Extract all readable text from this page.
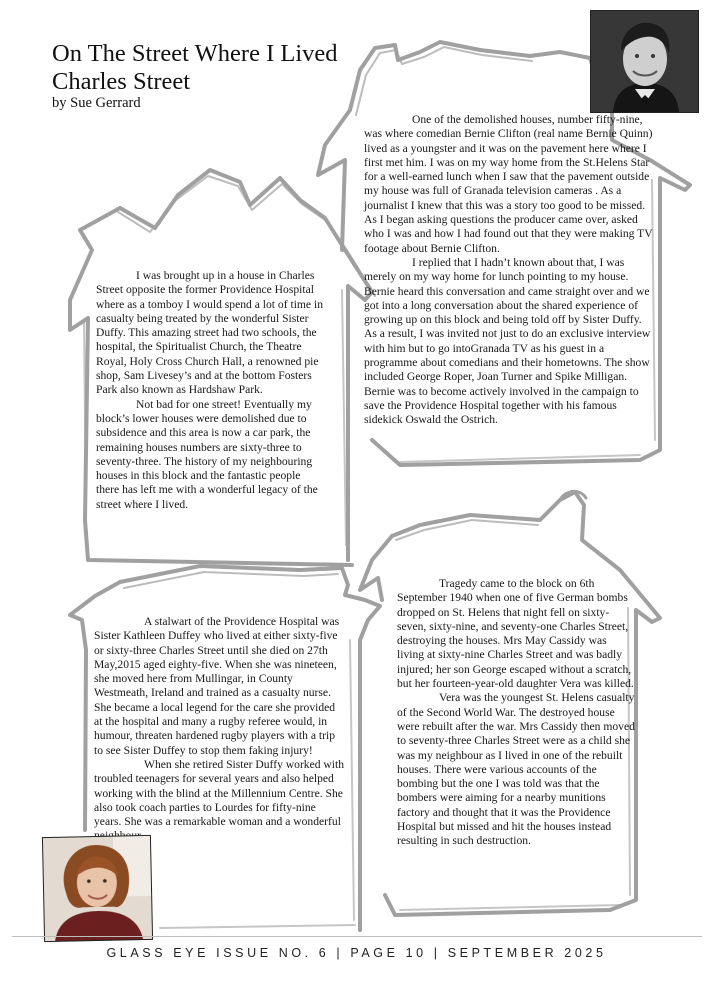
On The Street Where I Lived
Charles Street
by Sue Gerrard

I was brought up in a house in Charles Street opposite the former Providence Hospital where as a tomboy I would spend a lot of time in casualty being treated by the wonderful Sister Duffy. This amazing street had two schools, the hospital, the Spiritualist Church, the Theatre Royal, Holy Cross Church Hall, a renowned pie shop, Sam Livesey’s and at the bottom Fosters Park also known as Hardshaw Park.

Not bad for one street! Eventually my block’s lower houses were demolished due to subsidence and this area is now a car park, the remaining houses numbers are sixty-three to seventy-three. The history of my neighbouring houses in this block and the fantastic people there has left me with a wonderful legacy of the street where I lived.

One of the demolished houses, number fifty-nine, was where comedian Bernie Clifton (real name Bernie Quinn) lived as a youngster and it was on the pavement here where I first met him. I was on my way home from the St.Helens Star for a well-earned lunch when I saw that the pavement outside my house was full of Granada television cameras . As a journalist I knew that this was a story too good to be missed. As I began asking questions the producer came over, asked who I was and how I had found out that they were making TV footage about Bernie Clifton.

I replied that I hadn’t known about that, I was merely on my way home for lunch pointing to my house. Bernie heard this conversation and came straight over and we got into a long conversation about the shared experience of growing up on this block and being told off by Sister Duffy. As a result, I was invited not just to do an exclusive interview with him but to go intoGranada TV as his guest in a programme about comedians and their hometowns. The show included George Roper, Joan Turner and Spike Milligan. Bernie was to become actively involved in the campaign to save the Providence Hospital together with his famous sidekick Oswald the Ostrich.

A stalwart of the Providence Hospital was Sister Kathleen Duffey who lived at either sixty-five or sixty-three Charles Street until she died on 27th May,2015 aged eighty-five. When she was nineteen, she moved here from Mullingar, in County Westmeath, Ireland and trained as a casualty nurse. She became a local legend for the care she provided at the hospital and many a rugby referee would, in humour, threaten hardened rugby players with a trip to see Sister Duffey to stop them faking injury!

When she retired Sister Duffy worked with troubled teenagers for several years and also helped working with the blind at the Millennium Centre. She also took coach parties to Lourdes for fifty-nine years. She was a remarkable woman and a wonderful

Tragedy came to the block on 6th September 1940 when one of five German bombs dropped on St. Helens that night fell on sixty-seven, sixty-nine, and seventy-one Charles Street, destroying the houses. Mrs May Cassidy was living at sixty-nine Charles Street and was badly injured; her son George escaped without a scratch, but her fourteen-year-old daughter Vera was killed.

Vera was the youngest St. Helens casualty of the Second World War. The destroyed house were rebuilt after the war. Mrs Cassidy then moved to seventy-three Charles Street were as a child she was my neighbour as I lived in one of the rebuilt houses. There were various accounts of the bombing but the one I was told was that the bombers were aiming for a nearby munitions factory and thought that it was the Providence Hospital but missed and hit the houses instead resulting in such destruction.

GLASS EYE ISSUE NO. 6 | PAGE 10 | SEPTEMBER 2025
